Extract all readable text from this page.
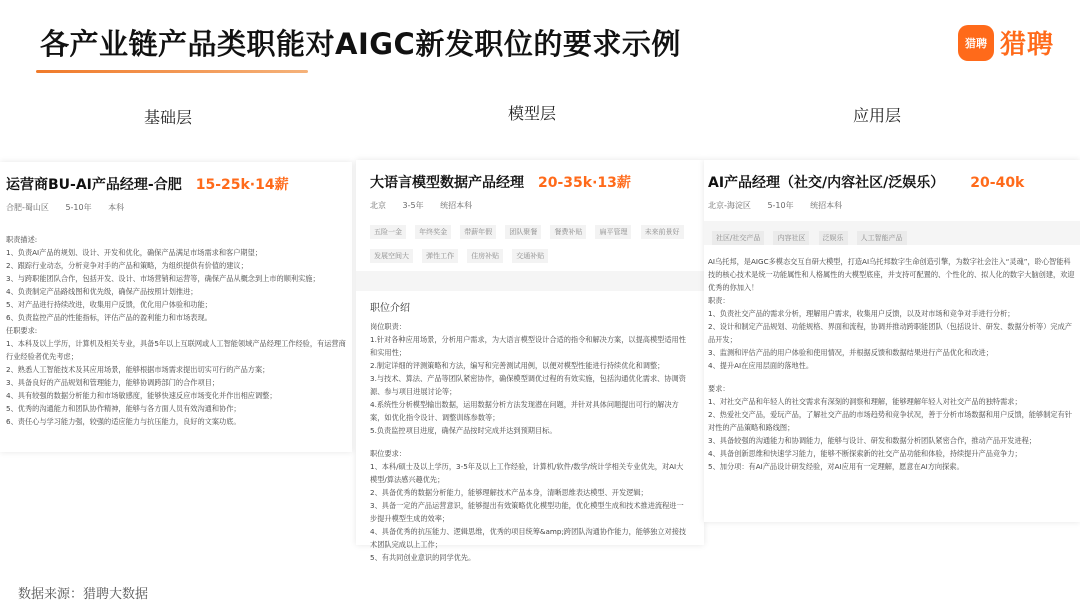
各产业链产品类职能对AIGC新发职位的要求示例	猎聘 猎聘
基础层	模型层	应用层
运营商BU-AI产品经理-合肥 15-25k·14薪
合肥-蜀山区 5-10年 本科

职责描述:

1、负责AI产品的规划、设计、开发和优化，确保产品满足市场需求和客户期望；

2、跟踪行业动态，分析竞争对手的产品和策略，为组织提供有价值的建议；

3、与跨职能团队合作，包括开发、设计、市场营销和运营等，确保产品从概念到上市的顺利实施；

4、负责制定产品路线图和优先级，确保产品按照计划推进；

5、对产品进行持续改进，收集用户反馈，优化用户体验和功能；

6、负责监控产品的性能指标，评估产品的盈利能力和市场表现。

任职要求:

1、本科及以上学历，计算机及相关专业，具备5年以上互联网或人工智能领域产品经理工作经验，有运营商行业经验者优先考虑；

2、熟悉人工智能技术及其应用场景，能够根据市场需求提出切实可行的产品方案；

3、具备良好的产品规划和管理能力，能够协调跨部门的合作项目；

4、具有较强的数据分析能力和市场敏感度，能够快速反应市场变化并作出相应调整；

5、优秀的沟通能力和团队协作精神，能够与各方面人员有效沟通和协作；

6、责任心与学习能力强，较强的适应能力与抗压能力，良好的文案功底。

大语言模型数据产品经理 20-35k·13薪
北京 3-5年 统招本科
五险一金 年终奖金 带薪年假 团队聚餐 餐费补贴 扁平管理 未来前景好 发展空间大 弹性工作 住房补贴 交通补贴
职位介绍

岗位职责：

1.针对各种应用场景，分析用户需求，为大语言模型设计合适的指令和解决方案，以提高模型适用性和实用性；

2.制定详细的评测策略和方法，编写和完善测试用例，以便对模型性能进行持续优化和调整；

3.与技术、算法、产品等团队紧密协作，确保模型调优过程的有效实施，包括沟通优化需求、协调资源、参与项目进展讨论等；

4.系统性分析模型输出数据，运用数据分析方法发现潜在问题，并针对具体问题提出可行的解决方案，如优化指令设计、调整训练参数等；

5.负责监控项目进度，确保产品按时完成并达到预期目标。

职位要求：

1、本科/硕士及以上学历，3-5年及以上工作经验，计算机/软件/数学/统计学相关专业优先，对AI大模型/算法感兴趣优先；

2、具备优秀的数据分析能力，能够理解技术产品本身，清晰思维表达模型、开发逻辑；

3、具备一定的产品运营意识，能够提出有效策略优化模型功能，优化模型生成和技术推进流程进一步提升模型生成的效率；

4、具备优秀的抗压能力、逻辑思维，优秀的项目统筹&amp;跨团队沟通协作能力，能够独立对接技术团队完成以上工作；

5、有共同创业意识的同学优先。

AI产品经理（社交/内容社区/泛娱乐） 20-40k
北京-海淀区 5-10年 统招本科
社区/社交产品 内容社区 泛娱乐 人工智能产品

AI乌托邦，是AIGC多模态交互自研大模型，打造AI乌托邦数字生命创造引擎，为数字社会注入“灵魂”，聆心智能科技的核心技术是统一功能属性和人格属性的大模型底座，并支持可配置的、个性化的、拟人化的数字大脑创建，欢迎优秀的你加入！

职责：

1、负责社交产品的需求分析，理解用户需求，收集用户反馈，以及对市场和竞争对手进行分析；

2、设计和制定产品规划、功能规格、界面和流程，协调并推动跨职能团队（包括设计、研发、数据分析等）完成产品开发；

3、监测和评估产品的用户体验和使用情况，并根据反馈和数据结果进行产品优化和改进；

4、提升AI在应用层面的落地性。

要求：

1、对社交产品和年轻人的社交需求有深刻的洞察和理解，能够理解年轻人对社交产品的独特需求；

2、热爱社交产品，爱玩产品，了解社交产品的市场趋势和竞争状况，善于分析市场数据和用户反馈，能够制定有针对性的产品策略和路线图；

3、具备较强的沟通能力和协调能力，能够与设计、研发和数据分析团队紧密合作，推动产品开发进程；

4、具备创新思维和快速学习能力，能够不断探索新的社交产品功能和体验，持续提升产品竞争力；

5、加分项：有AI产品设计研发经验，对AI应用有一定理解，愿意在AI方向探索。

数据来源：猎聘大数据
